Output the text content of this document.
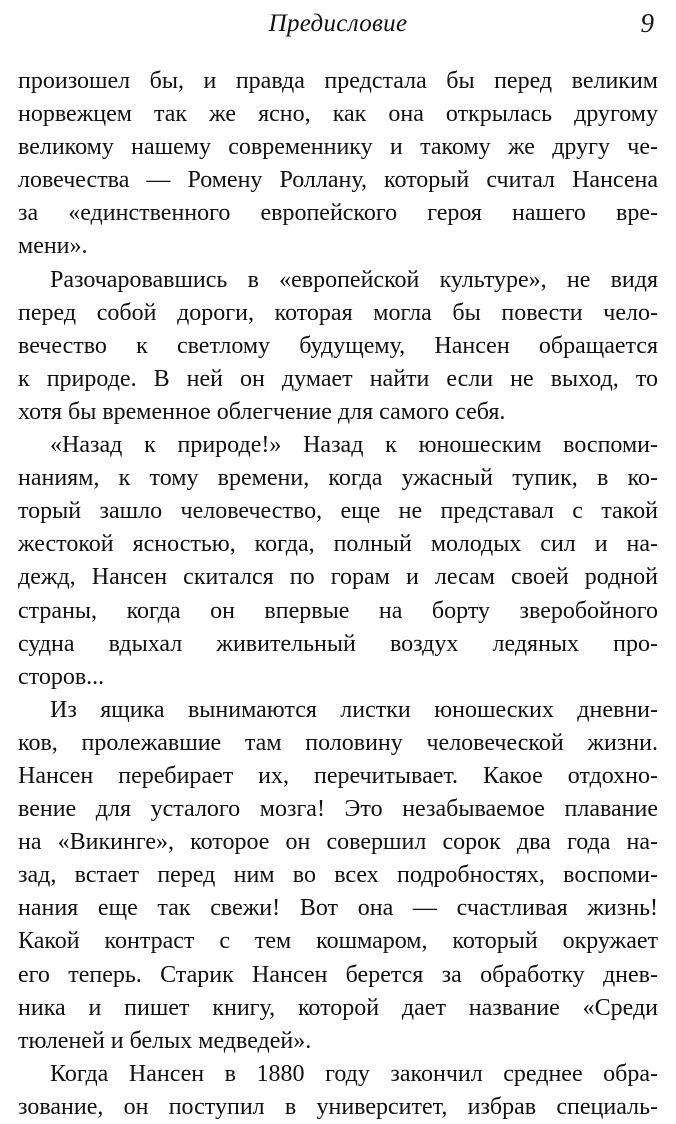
Предисловие	9
произошел бы, и правда предстала бы перед великим
норвежцем так же ясно, как она открылась другому
великому нашему современнику и такому же другу че-
ловечества — Ромену Роллану, который считал Нансена
за «единственного европейского героя нашего вре-
мени».
Разочаровавшись в «европейской культуре», не видя
перед собой дороги, которая могла бы повести чело-
вечество к светлому будущему, Нансен обращается
к природе. В ней он думает найти если не выход, то
хотя бы временное облегчение для самого себя.
«Назад к природе!» Назад к юношеским воспоми-
наниям, к тому времени, когда ужасный тупик, в ко-
торый зашло человечество, еще не представал с такой
жестокой ясностью, когда, полный молодых сил и на-
дежд, Нансен скитался по горам и лесам своей родной
страны, когда он впервые на борту зверобойного
судна вдыхал живительный воздух ледяных про-
сторов...
Из ящика вынимаются листки юношеских дневни-
ков, пролежавшие там половину человеческой жизни.
Нансен перебирает их, перечитывает. Какое отдохно-
вение для усталого мозга! Это незабываемое плавание
на «Викинге», которое он совершил сорок два года на-
зад, встает перед ним во всех подробностях, воспоми-
нания еще так свежи! Вот она — счастливая жизнь!
Какой контраст с тем кошмаром, который окружает
его теперь. Старик Нансен берется за обработку днев-
ника и пишет книгу, которой дает название «Среди
тюленей и белых медведей».
Когда Нансен в 1880 году закончил среднее обра-
зование, он поступил в университет, избрав специаль-
